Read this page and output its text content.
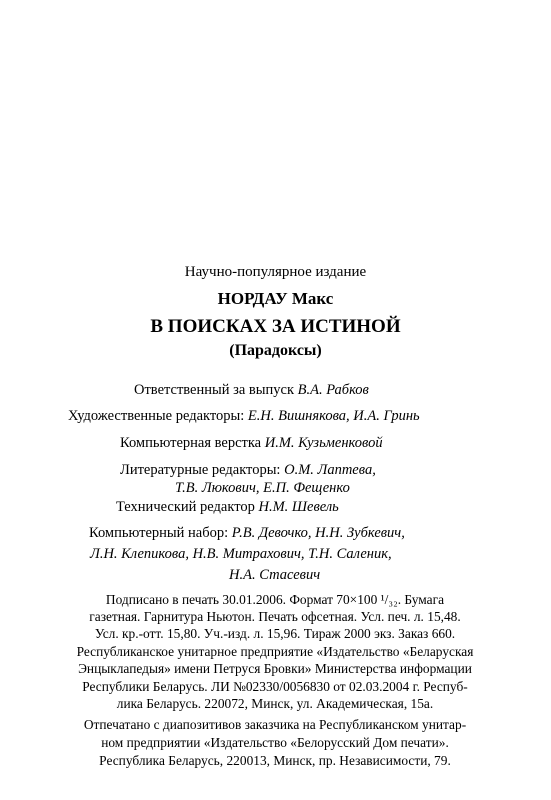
Научно-популярное издание
НОРДАУ Макс
В ПОИСКАХ ЗА ИСТИНОЙ
(Парадоксы)
Ответственный за выпуск В.А. Рабков
Художественные редакторы: Е.Н. Вишнякова, И.А. Гринь
Компьютерная верстка И.М. Кузьменковой
Литературные редакторы: О.М. Лаптева,
Т.В. Люкович, Е.П. Фещенко
Технический редактор Н.М. Шевель
Компьютерный набор: Р.В. Девочко, Н.Н. Зубкевич,
Л.Н. Клепикова, Н.В. Митрахович, Т.Н. Саленик,
Н.А. Стасевич
Подписано в печать 30.01.2006. Формат 70×100 ¹/₃₂. Бумага
газетная. Гарнитура Ньютон. Печать офсетная. Усл. печ. л. 15,48.
Усл. кр.-отт. 15,80. Уч.-изд. л. 15,96. Тираж 2000 экз. Заказ 660.
Республиканское унитарное предприятие «Издательство «Беларуская
Энцыклапедыя» имени Петруся Бровки» Министерства информации
Республики Беларусь. ЛИ №02330/0056830 от 02.03.2004 г. Респуб-
лика Беларусь. 220072, Минск, ул. Академическая, 15а.
Отпечатано с диапозитивов заказчика на Республиканском унитар-
ном предприятии «Издательство «Белорусский Дом печати».
Республика Беларусь, 220013, Минск, пр. Независимости, 79.
